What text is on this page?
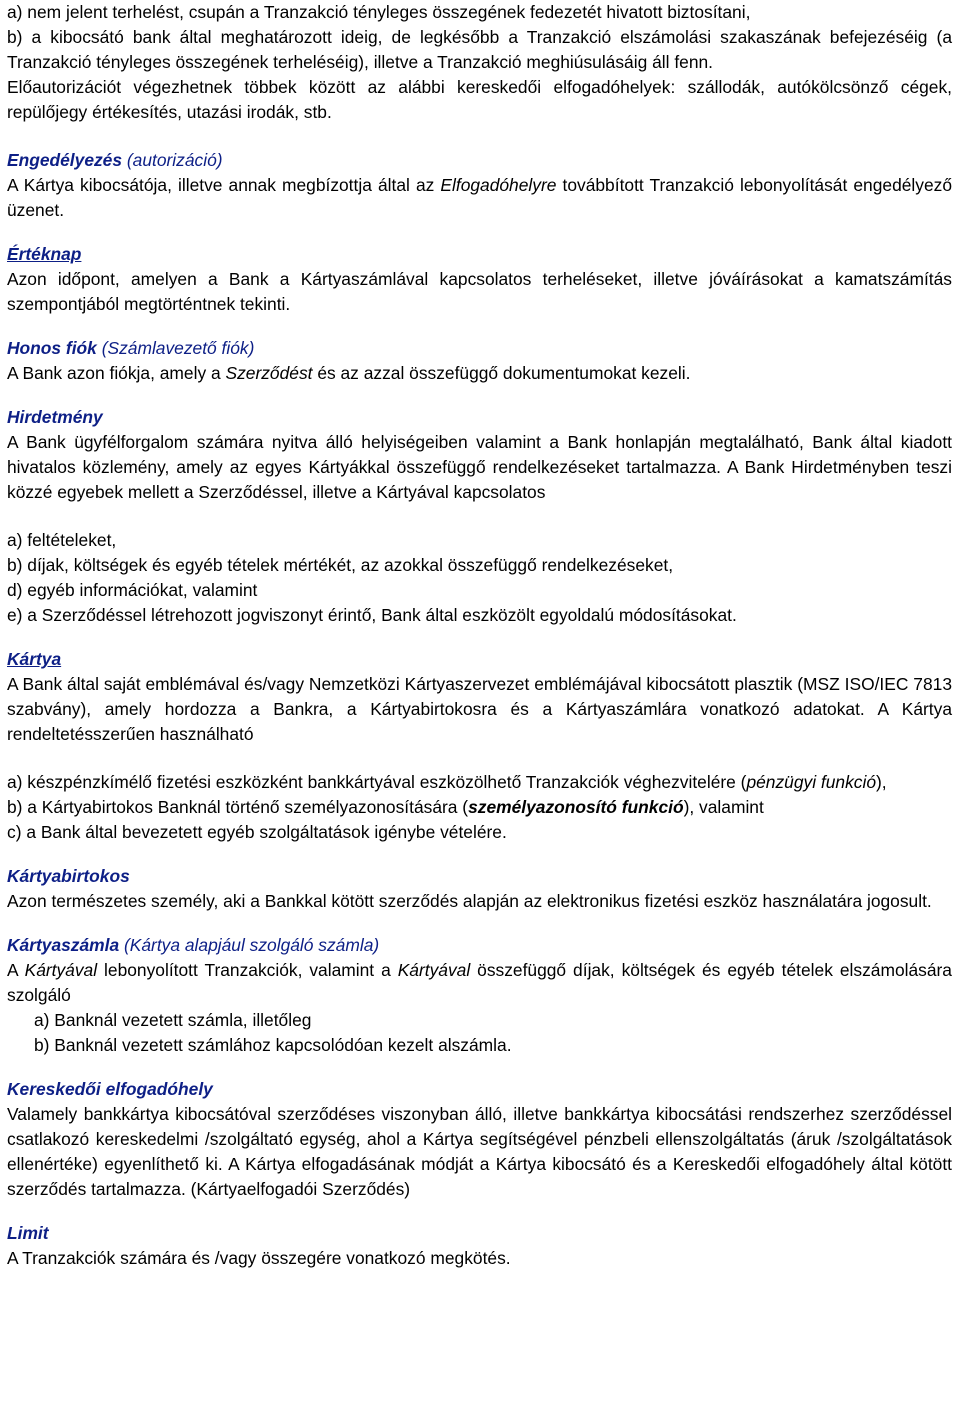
a) nem jelent terhelést, csupán a Tranzakció tényleges összegének fedezetét hivatott biztosítani,

b) a kibocsátó bank által meghatározott ideig, de legkésőbb a Tranzakció elszámolási szakaszának befejezéséig (a Tranzakció tényleges összegének terheléséig), illetve a Tranzakció meghiúsulásáig áll fenn.

Előautorizációt végezhetnek többek között az alábbi kereskedői elfogadóhelyek: szállodák, autókölcsönző cégek, repülőjegy értékesítés, utazási irodák, stb.

Engedélyezés (autorizáció)

A Kártya kibocsátója, illetve annak megbízottja által az Elfogadóhelyre továbbított Tranzakció lebonyolítását engedélyező üzenet.

Értéknap

Azon időpont, amelyen a Bank a Kártyaszámlával kapcsolatos terheléseket, illetve jóváírásokat a kamatszámítás szempontjából megtörténtnek tekinti.

Honos fiók (Számlavezető fiók)

A Bank azon fiókja, amely a Szerződést és az azzal összefüggő dokumentumokat kezeli.

Hirdetmény

A Bank ügyfélforgalom számára nyitva álló helyiségeiben valamint a Bank honlapján megtalálható, Bank által kiadott hivatalos közlemény, amely az egyes Kártyákkal összefüggő rendelkezéseket tartalmazza. A Bank Hirdetményben teszi közzé egyebek mellett a Szerződéssel, illetve a Kártyával kapcsolatos

a) feltételeket,

b) díjak, költségek és egyéb tételek mértékét, az azokkal összefüggő rendelkezéseket,

d) egyéb információkat, valamint

e) a Szerződéssel létrehozott jogviszonyt érintő, Bank által eszközölt egyoldalú módosításokat.

Kártya

A Bank által saját emblémával és/vagy Nemzetközi Kártyaszervezet emblémájával kibocsátott plasztik (MSZ ISO/IEC 7813 szabvány), amely hordozza a Bankra, a Kártyabirtokosra és a Kártyaszámlára vonatkozó adatokat. A Kártya rendeltetésszerűen használható

a) készpénzkímélő fizetési eszközként bankkártyával eszközölhető Tranzakciók véghezvitelére (pénzügyi funkció),

b) a Kártyabirtokos Banknál történő személyazonosítására (személyazonosító funkció), valamint

c) a Bank által bevezetett egyéb szolgáltatások igénybe vételére.

Kártyabirtokos

Azon természetes személy, aki a Bankkal kötött szerződés alapján az elektronikus fizetési eszköz használatára jogosult.

Kártyaszámla (Kártya alapjául szolgáló számla)

A Kártyával lebonyolított Tranzakciók, valamint a Kártyával összefüggő díjak, költségek és egyéb tételek elszámolására szolgáló

a) Banknál vezetett számla, illetőleg

b) Banknál vezetett számlához kapcsolódóan kezelt alszámla.

Kereskedői elfogadóhely

Valamely bankkártya kibocsátóval szerződéses viszonyban álló, illetve bankkártya kibocsátási rendszerhez szerződéssel csatlakozó kereskedelmi /szolgáltató egység, ahol a Kártya segítségével pénzbeli ellenszolgáltatás (áruk /szolgáltatások ellenértéke) egyenlíthető ki. A Kártya elfogadásának módját a Kártya kibocsátó és a Kereskedői elfogadóhely által kötött szerződés tartalmazza. (Kártyaelfogadói Szerződés)

Limit

A Tranzakciók számára és /vagy összegére vonatkozó megkötés.
